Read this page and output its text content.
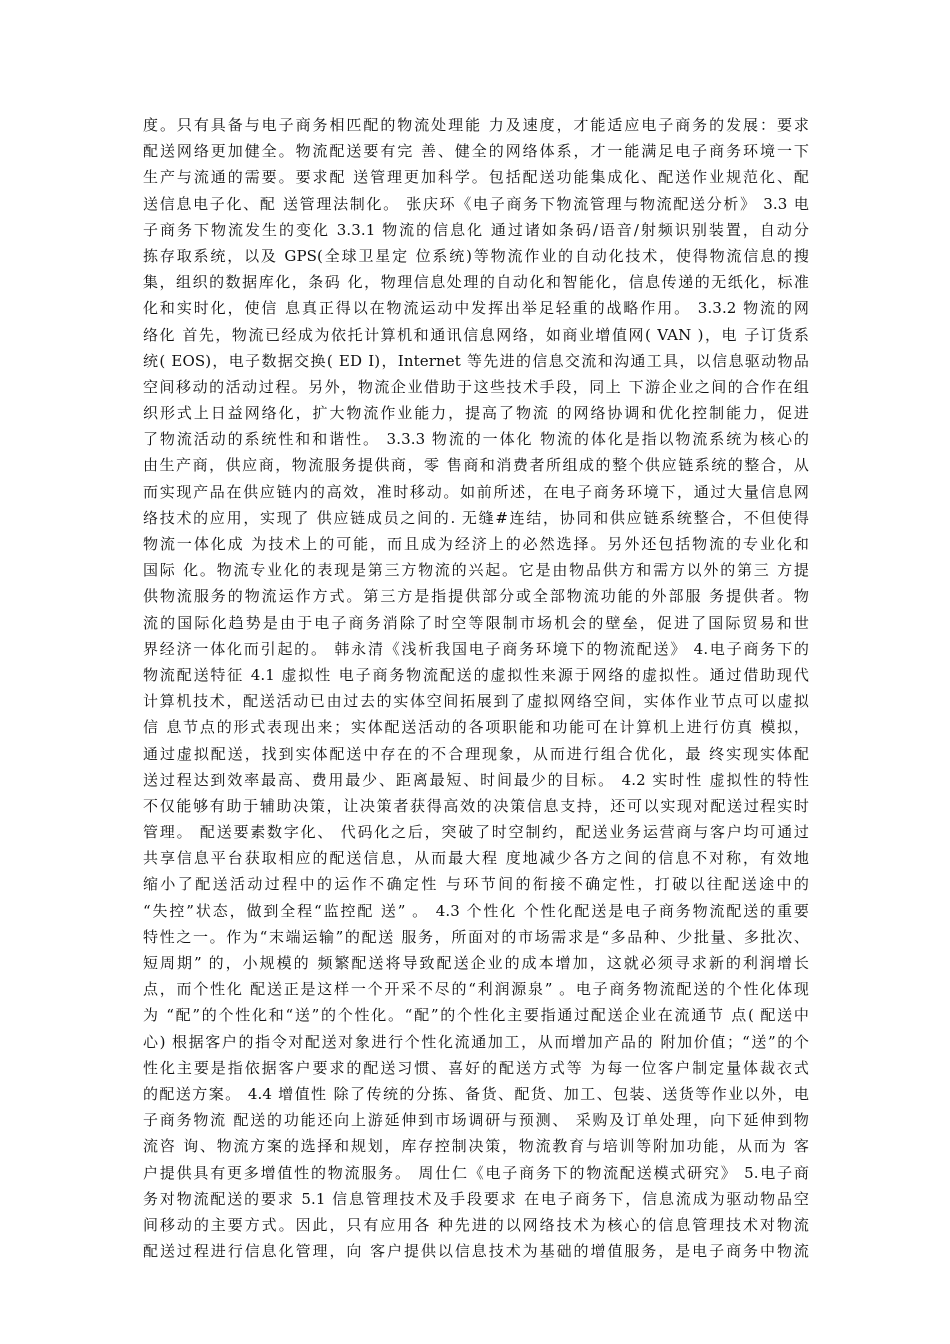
度。只有具备与电子商务相匹配的物流处理能 力及速度，才能适应电子商务的发展：要求
配送网络更加健全。物流配送要有完 善、健全的网络体系，才一能满足电子商务环境一下
生产与流通的需要。要求配 送管理更加科学。包括配送功能集成化、配送作业规范化、配
送信息电子化、配 送管理法制化。 张庆环《电子商务下物流管理与物流配送分析》 3.3 电
子商务下物流发生的变化 3.3.1 物流的信息化 通过诸如条码/语音/射频识别装置，自动分
拣存取系统，以及 GPS(全球卫星定 位系统)等物流作业的自动化技术，使得物流信息的搜
集，组织的数据库化，条码 化，物理信息处理的自动化和智能化，信息传递的无纸化，标准
化和实时化，使信 息真正得以在物流运动中发挥出举足轻重的战略作用。 3.3.2 物流的网
络化 首先，物流已经成为依托计算机和通讯信息网络，如商业增值网( VAN )，电 子订货系
统( EOS)，电子数据交换( ED I)，Internet 等先进的信息交流和沟通工具，以信息驱动物品
空间移动的活动过程。另外，物流企业借助于这些技术手段，同上 下游企业之间的合作在组
织形式上日益网络化，扩大物流作业能力，提高了物流 的网络协调和优化控制能力，促进
了物流活动的系统性和和谐性。 3.3.3 物流的一体化 物流的体化是指以物流系统为核心的
由生产商，供应商，物流服务提供商，零 售商和消费者所组成的整个供应链系统的整合，从
而实现产品在供应链内的高效，准时移动。如前所述，在电子商务环境下，通过大量信息网
络技术的应用，实现了 供应链成员之间的. 无缝#连结，协同和供应链系统整合，不但使得
物流一体化成 为技术上的可能，而且成为经济上的必然选择。另外还包括物流的专业化和
国际 化。物流专业化的表现是第三方物流的兴起。它是由物品供方和需方以外的第三 方提
供物流服务的物流运作方式。第三方是指提供部分或全部物流功能的外部服 务提供者。物
流的国际化趋势是由于电子商务消除了时空等限制市场机会的壁垒，促进了国际贸易和世
界经济一体化而引起的。 韩永清《浅析我国电子商务环境下的物流配送》 4.电子商务下的
物流配送特征 4.1 虚拟性 电子商务物流配送的虚拟性来源于网络的虚拟性。通过借助现代
计算机技术，配送活动已由过去的实体空间拓展到了虚拟网络空间，实体作业节点可以虚拟
信 息节点的形式表现出来；实体配送活动的各项职能和功能可在计算机上进行仿真 模拟，
通过虚拟配送，找到实体配送中存在的不合理现象，从而进行组合优化，最 终实现实体配
送过程达到效率最高、费用最少、距离最短、时间最少的目标。 4.2 实时性 虚拟性的特性
不仅能够有助于辅助决策，让决策者获得高效的决策信息支持，还可以实现对配送过程实时
管理。 配送要素数字化、 代码化之后，突破了时空制约，配送业务运营商与客户均可通过
共享信息平台获取相应的配送信息，从而最大程 度地减少各方之间的信息不对称，有效地
缩小了配送活动过程中的运作不确定性 与环节间的衔接不确定性，打破以往配送途中的
“失控”状态，做到全程“监控配 送” 。 4.3 个性化 个性化配送是电子商务物流配送的重要
特性之一。作为“末端运输”的配送 服务，所面对的市场需求是“多品种、少批量、多批次、
短周期” 的，小规模的 频繁配送将导致配送企业的成本增加，这就必须寻求新的利润增长
点，而个性化 配送正是这样一个开采不尽的“利润源泉” 。电子商务物流配送的个性化体现
为 “配”的个性化和“送”的个性化。“配”的个性化主要指通过配送企业在流通节 点( 配送中
心) 根据客户的指令对配送对象进行个性化流通加工，从而增加产品的 附加价值；“送”的个
性化主要是指依据客户要求的配送习惯、喜好的配送方式等 为每一位客户制定量体裁衣式
的配送方案。 4.4 增值性 除了传统的分拣、备货、配货、加工、包装、送货等作业以外，电
子商务物流 配送的功能还向上游延伸到市场调研与预测、 采购及订单处理，向下延伸到物
流咨 询、物流方案的选择和规划，库存控制决策，物流教育与培训等附加功能，从而为 客
户提供具有更多增值性的物流服务。 周仕仁《电子商务下的物流配送模式研究》 5.电子商
务对物流配送的要求 5.1 信息管理技术及手段要求 在电子商务下，信息流成为驱动物品空
间移动的主要方式。因此，只有应用各 种先进的以网络技术为核心的信息管理技术对物流
配送过程进行信息化管理，向 客户提供以信息技术为基础的增值服务，是电子商务中物流
